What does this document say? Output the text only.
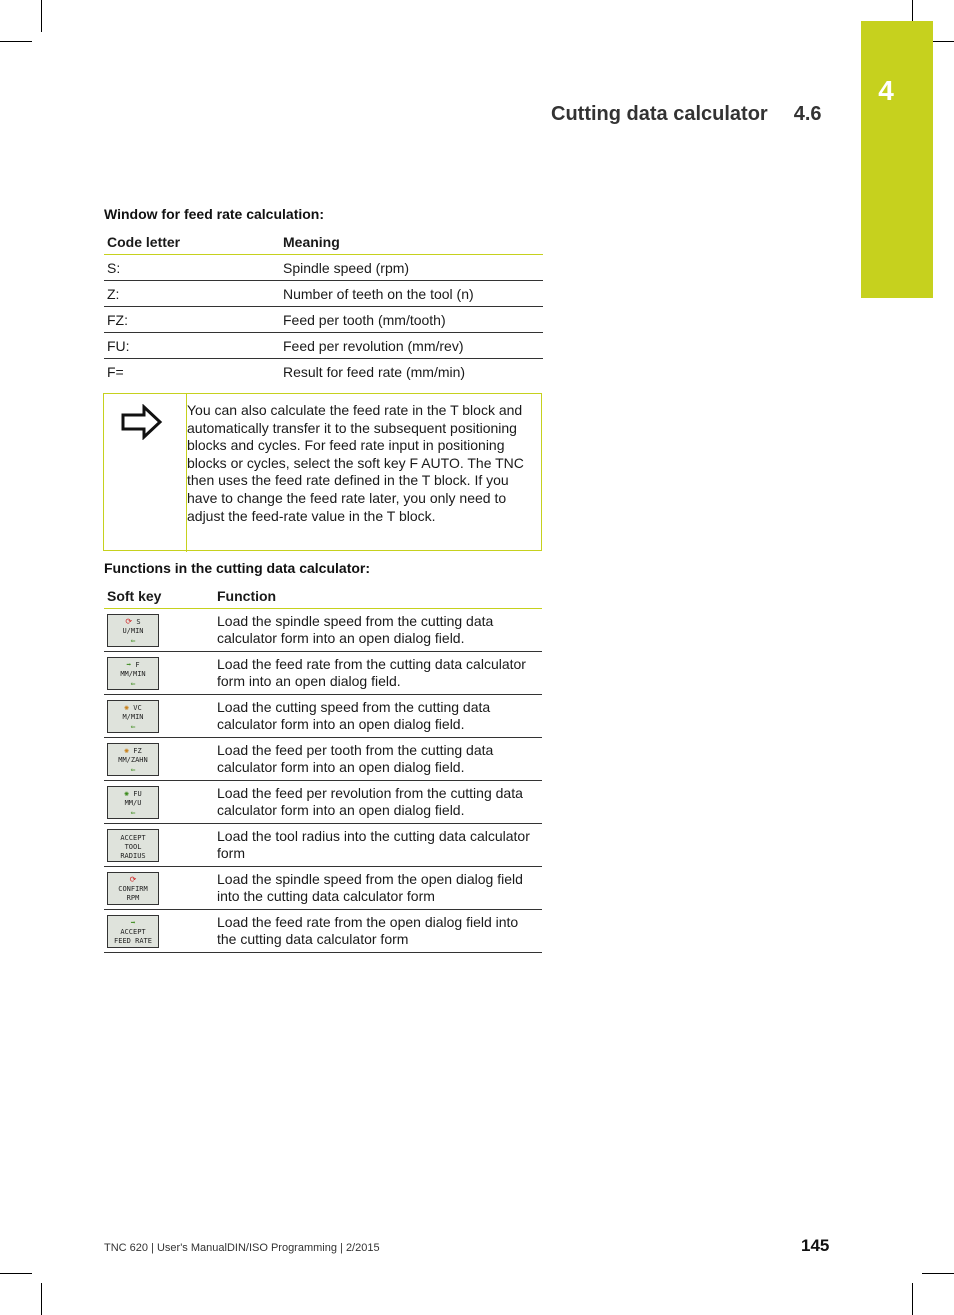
4
Cutting data calculator 4.6
Window for feed rate calculation:
Code letter	Meaning
S:	Spindle speed (rpm)
Z:	Number of teeth on the tool (n)
FZ:	Feed per tooth (mm/tooth)
FU:	Feed per revolution (mm/rev)
F=	Result for feed rate (mm/min)
You can also calculate the feed rate in the T block and automatically transfer it to the subsequent positioning blocks and cycles. For feed rate input in positioning blocks or cycles, select the soft key F AUTO. The TNC then uses the feed rate defined in the T block. If you have to change the feed rate later, you only need to adjust the feed-rate value in the T block.
Functions in the cutting data calculator:
Soft key	Function

⟳ S
U/MIN
⇐	Load the spindle speed from the cutting data calculator form into an open dialog field.

➡ F
MM/MIN
⇐	Load the feed rate from the cutting data calculator form into an open dialog field.

✺ VC
M/MIN
⇐	Load the cutting speed from the cutting data calculator form into an open dialog field.

✺ FZ
MM/ZAHN
⇐	Load the feed per tooth from the cutting data calculator form into an open dialog field.

✺ FU
MM/U
⇐	Load the feed per revolution from the cutting data calculator form into an open dialog field.

ACCEPT
TOOL
RADIUS	Load the tool radius into the cutting data calculator form

⟳
CONFIRM
RPM	Load the spindle speed from the open dialog field into the cutting data calculator form

➡
ACCEPT
FEED RATE	Load the feed rate from the open dialog field into the cutting data calculator form
TNC 620 | User's ManualDIN/ISO Programming | 2/2015	145
